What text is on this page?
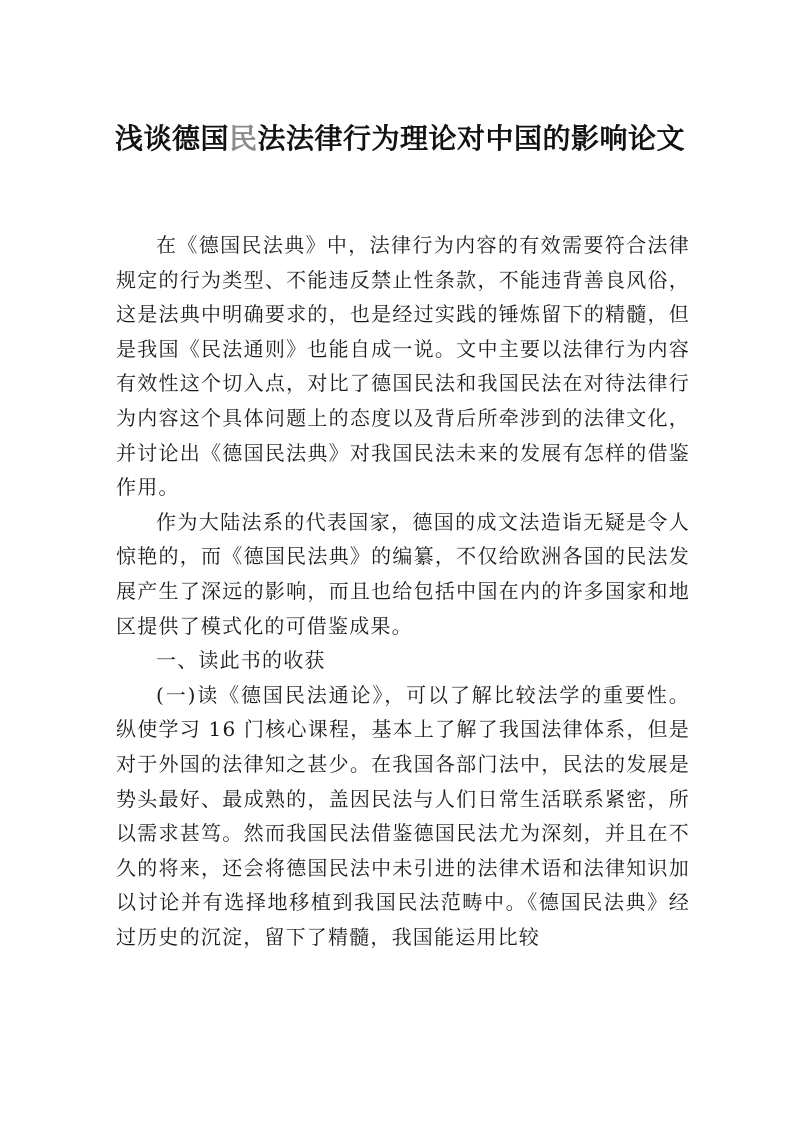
浅谈德国民法法律行为理论对中国的影响论文

在《德国民法典》中，法律行为内容的有效需要符合法律规定的行为类型、不能违反禁止性条款，不能违背善良风俗，这是法典中明确要求的，也是经过实践的锤炼留下的精髓，但是我国《民法通则》也能自成一说。文中主要以法律行为内容有效性这个切入点，对比了德国民法和我国民法在对待法律行为内容这个具体问题上的态度以及背后所牵涉到的法律文化，并讨论出《德国民法典》对我国民法未来的发展有怎样的借鉴作用。

作为大陆法系的代表国家，德国的成文法造诣无疑是令人惊艳的，而《德国民法典》的编纂，不仅给欧洲各国的民法发展产生了深远的影响，而且也给包括中国在内的许多国家和地区提供了模式化的可借鉴成果。

一、读此书的收获

(一)读《德国民法通论》，可以了解比较法学的重要性。纵使学习 16 门核心课程，基本上了解了我国法律体系，但是对于外国的法律知之甚少。在我国各部门法中，民法的发展是势头最好、最成熟的，盖因民法与人们日常生活联系紧密，所以需求甚笃。然而我国民法借鉴德国民法尤为深刻，并且在不久的将来，还会将德国民法中未引进的法律术语和法律知识加以讨论并有选择地移植到我国民法范畴中。《德国民法典》经过历史的沉淀，留下了精髓，我国能运用比较
